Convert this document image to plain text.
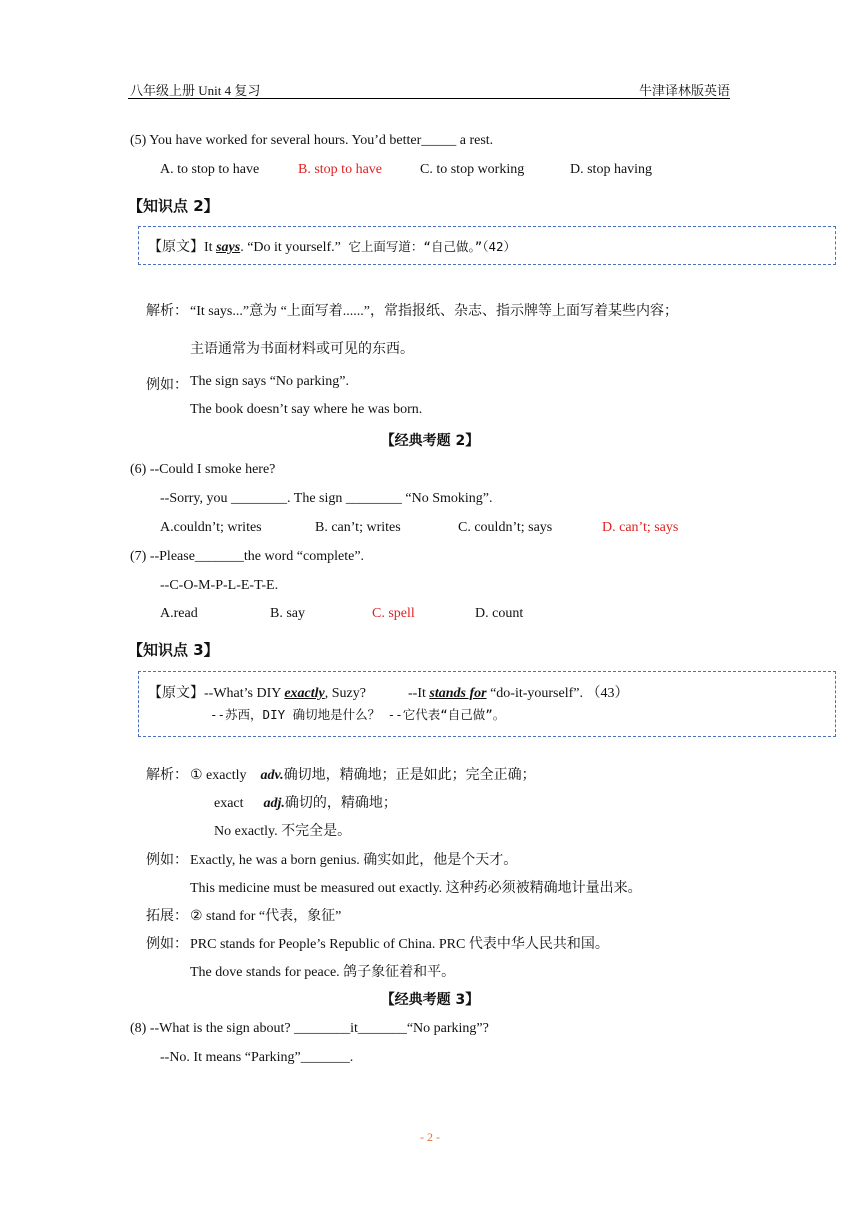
八年级上册 Unit 4 复习	牛津译林版英语
(5) You have worked for several hours. You’d better_____ a rest.
A. to stop to have	B. stop to have	C. to stop working	D. stop having
【知识点 2】
【原文】It says. “Do it yourself.” 它上面写道：“自己做。”（42）
解析： “It says...”意为 “上面写着......”，常指报纸、杂志、指示牌等上面写着某些内容；
主语通常为书面材料或可见的东西。
例如： The sign says “No parking”.
The book doesn’t say where he was born.
【经典考题 2】
(6) --Could I smoke here?
--Sorry, you ________. The sign ________ “No Smoking”.
A.couldn’t; writes	B. can’t; writes	C. couldn’t; says	D. can’t; says
(7) --Please_______the word “complete”.
--C-O-M-P-L-E-T-E.
A.read	B. say	C. spell	D. count
【知识点 3】
【原文】--What’s DIY exactly, Suzy?	--It stands for “do-it-yourself”. （43）
--苏西，DIY 确切地是什么？ --它代表“自己做”。
解析： ① exactly adv.确切地，精确地；正是如此；完全正确；
exact adj.确切的，精确地；
No exactly. 不完全是。
例如： Exactly, he was a born genius. 确实如此，他是个天才。
This medicine must be measured out exactly. 这种药必须被精确地计量出来。
拓展： ② stand for “代表，象征”
例如： PRC stands for People’s Republic of China. PRC 代表中华人民共和国。
The dove stands for peace. 鸽子象征着和平。
【经典考题 3】
(8) --What is the sign about? ________it_______“No parking”?
--No. It means “Parking”_______.
- 2 -
